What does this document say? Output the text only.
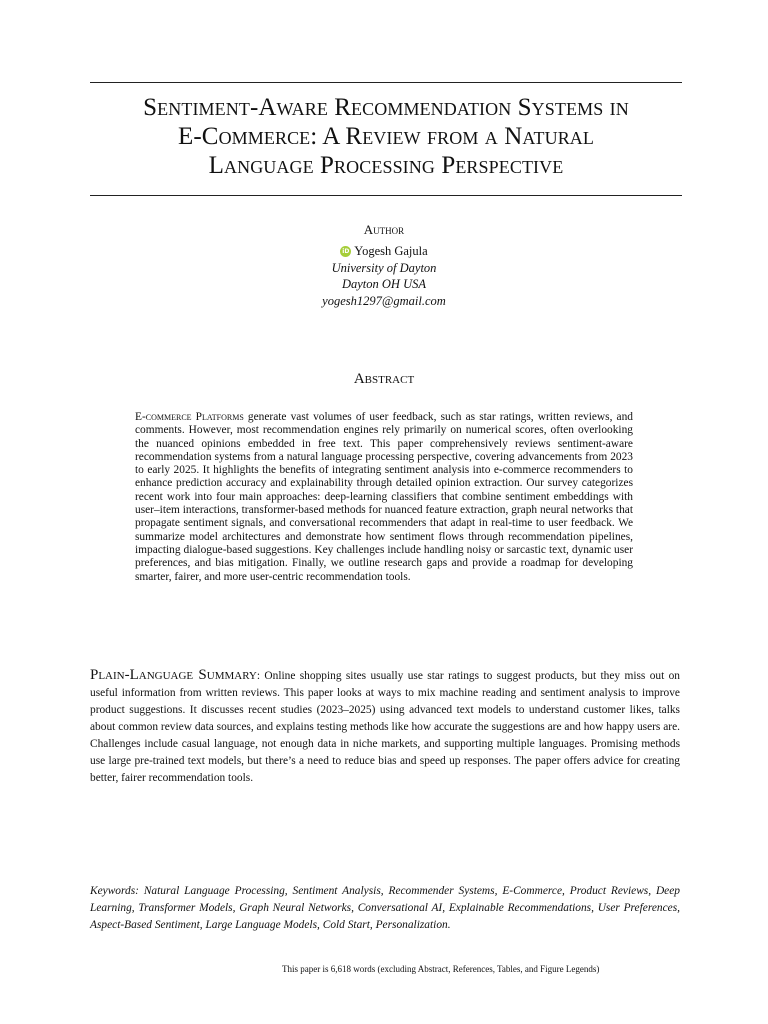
Sentiment-Aware Recommendation Systems in
E-Commerce: A Review from a Natural
Language Processing Perspective
Author
iD Yogesh Gajula
University of Dayton
Dayton OH USA
yogesh1297@gmail.com
Abstract

E-commerce Platforms generate vast volumes of user feedback, such as star ratings, written reviews, and comments. However, most recommendation engines rely primarily on numerical scores, often overlooking the nuanced opinions embedded in free text. This paper comprehensively reviews sentiment-aware recommendation systems from a natural language processing perspective, covering advancements from 2023 to early 2025. It highlights the benefits of integrating sentiment analysis into e-commerce recommenders to enhance prediction accuracy and explainability through detailed opinion extraction. Our survey categorizes recent work into four main approaches: deep-learning classifiers that combine sentiment embeddings with user–item interactions, transformer-based methods for nuanced feature extraction, graph neural networks that propagate sentiment signals, and conversational recommenders that adapt in real-time to user feedback. We summarize model architectures and demonstrate how sentiment flows through recommendation pipelines, impacting dialogue-based suggestions. Key challenges include handling noisy or sarcastic text, dynamic user preferences, and bias mitigation. Finally, we outline research gaps and provide a roadmap for developing smarter, fairer, and more user-centric recommendation tools.

Plain-Language Summary: Online shopping sites usually use star ratings to suggest products, but they miss out on useful information from written reviews. This paper looks at ways to mix machine reading and sentiment analysis to improve product suggestions. It discusses recent studies (2023–2025) using advanced text models to understand customer likes, talks about common review data sources, and explains testing methods like how accurate the suggestions are and how happy users are. Challenges include casual language, not enough data in niche markets, and supporting multiple languages. Promising methods use large pre-trained text models, but there’s a need to reduce bias and speed up responses. The paper offers advice for creating better, fairer recommendation tools.

Keywords: Natural Language Processing, Sentiment Analysis, Recommender Systems, E-Commerce, Product Reviews, Deep Learning, Transformer Models, Graph Neural Networks, Conversational AI, Explainable Recommendations, User Preferences, Aspect-Based Sentiment, Large Language Models, Cold Start, Personalization.

This paper is 6,618 words (excluding Abstract, References, Tables, and Figure Legends)
